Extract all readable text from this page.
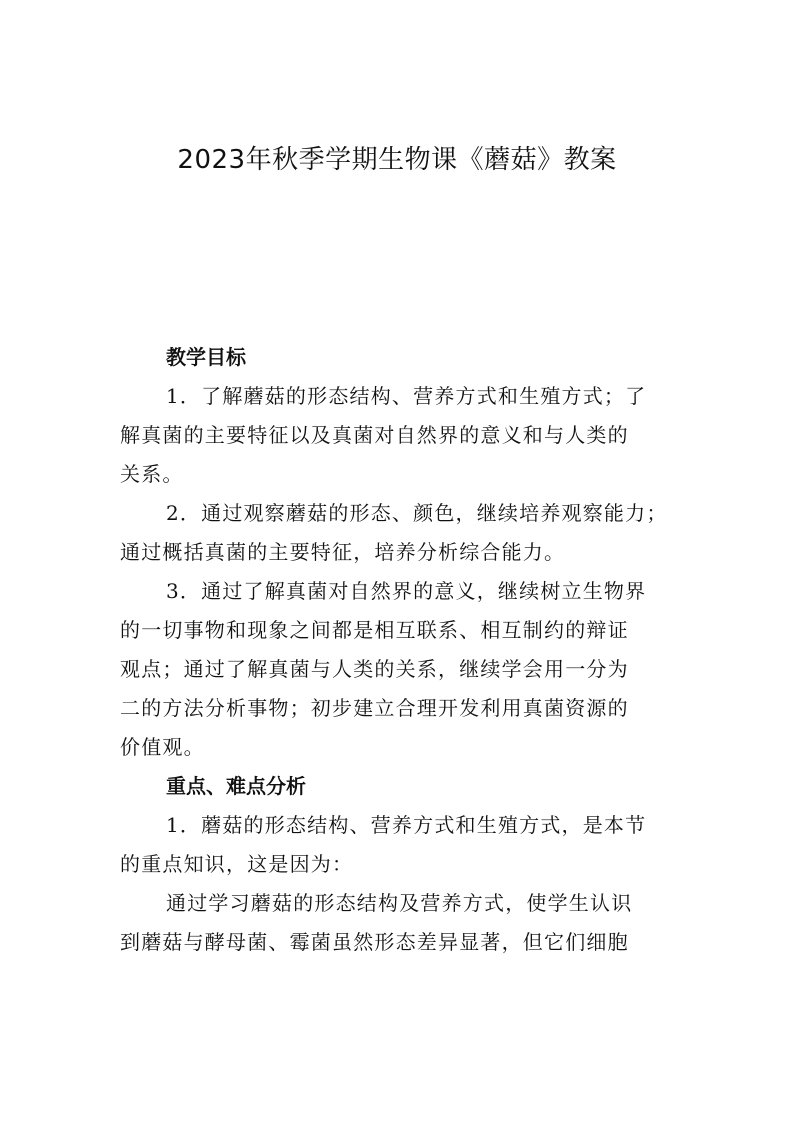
2023年秋季学期生物课《蘑菇》教案
教学目标

1．了解蘑菇的形态结构、营养方式和生殖方式；了
解真菌的主要特征以及真菌对自然界的意义和与人类的
关系。

2．通过观察蘑菇的形态、颜色，继续培养观察能力；
通过概括真菌的主要特征，培养分析综合能力。

3．通过了解真菌对自然界的意义，继续树立生物界
的一切事物和现象之间都是相互联系、相互制约的辩证
观点；通过了解真菌与人类的关系，继续学会用一分为
二的方法分析事物；初步建立合理开发利用真菌资源的
价值观。

重点、难点分析

1．蘑菇的形态结构、营养方式和生殖方式，是本节
的重点知识，这是因为：

通过学习蘑菇的形态结构及营养方式，使学生认识
到蘑菇与酵母菌、霉菌虽然形态差异显著，但它们细胞
